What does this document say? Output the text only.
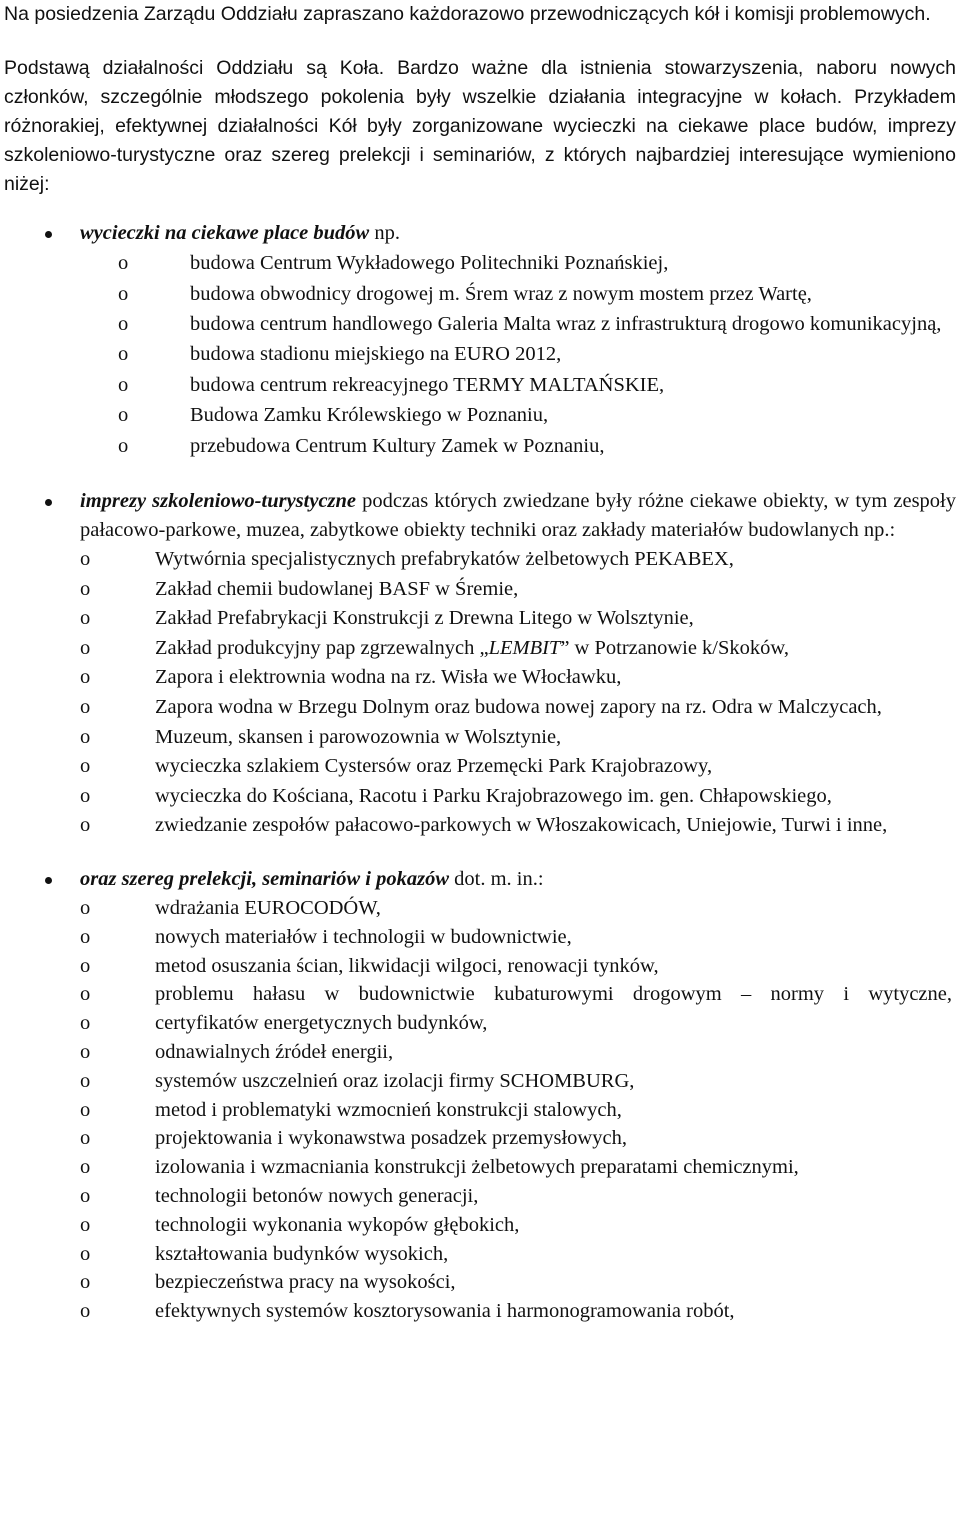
Na posiedzenia Zarządu Oddziału zapraszano każdorazowo przewodniczących kół i komisji problemowych.

Podstawą działalności Oddziału są Koła. Bardzo ważne dla istnienia stowarzyszenia, naboru nowych członków, szczególnie młodszego pokolenia były wszelkie działania integracyjne w kołach. Przykładem różnorakiej, efektywnej działalności Kół były zorganizowane wycieczki na ciekawe place budów, imprezy szkoleniowo-turystyczne oraz szereg prelekcji i seminariów, z których najbardziej interesujące wymieniono niżej:

wycieczki na ciekawe place budów np.

o	budowa Centrum Wykładowego Politechniki Poznańskiej,
o	budowa obwodnicy drogowej m. Śrem wraz z nowym mostem przez Wartę,
o	budowa centrum handlowego Galeria Malta wraz z infrastrukturą drogowo komunikacyjną,
o	budowa stadionu miejskiego na EURO 2012,
o	budowa centrum rekreacyjnego TERMY MALTAŃSKIE,
o	Budowa Zamku Królewskiego w Poznaniu,
o	przebudowa Centrum Kultury Zamek w Poznaniu,

imprezy szkoleniowo-turystyczne podczas których zwiedzane były różne ciekawe obiekty, w tym zespoły pałacowo-parkowe, muzea, zabytkowe obiekty techniki oraz zakłady materiałów budowlanych np.:

o	Wytwórnia specjalistycznych prefabrykatów żelbetowych PEKABEX,
o	Zakład chemii budowlanej BASF w Śremie,
o	Zakład Prefabrykacji Konstrukcji z Drewna Litego w Wolsztynie,
o	Zakład produkcyjny pap zgrzewalnych „LEMBIT” w Potrzanowie k/Skoków,
o	Zapora i elektrownia wodna na rz. Wisła we Włocławku,
o	Zapora wodna w Brzegu Dolnym oraz budowa nowej zapory na rz. Odra w Malczycach,
o	Muzeum, skansen i parowozownia w Wolsztynie,
o	wycieczka szlakiem Cystersów oraz Przemęcki Park Krajobrazowy,
o	wycieczka do Kościana, Racotu i Parku Krajobrazowego im. gen. Chłapowskiego,
o	zwiedzanie zespołów pałacowo-parkowych w Włoszakowicach, Uniejowie, Turwi i inne,

oraz szereg prelekcji, seminariów i pokazów dot. m. in.:

o	wdrażania EUROCODÓW,
o	nowych materiałów i technologii w budownictwie,
o	metod osuszania ścian, likwidacji wilgoci, renowacji tynków,
o	problemu hałasu w budownictwie kubaturowymi drogowym – normy i wytyczne,
o	certyfikatów energetycznych budynków,
o	odnawialnych źródeł energii,
o	systemów uszczelnień oraz izolacji firmy SCHOMBURG,
o	metod i problematyki wzmocnień konstrukcji stalowych,
o	projektowania i wykonawstwa posadzek przemysłowych,
o	izolowania i wzmacniania konstrukcji żelbetowych preparatami chemicznymi,
o	technologii betonów nowych generacji,
o	technologii wykonania wykopów głębokich,
o	kształtowania budynków wysokich,
o	bezpieczeństwa pracy na wysokości,
o	efektywnych systemów kosztorysowania i harmonogramowania robót,
